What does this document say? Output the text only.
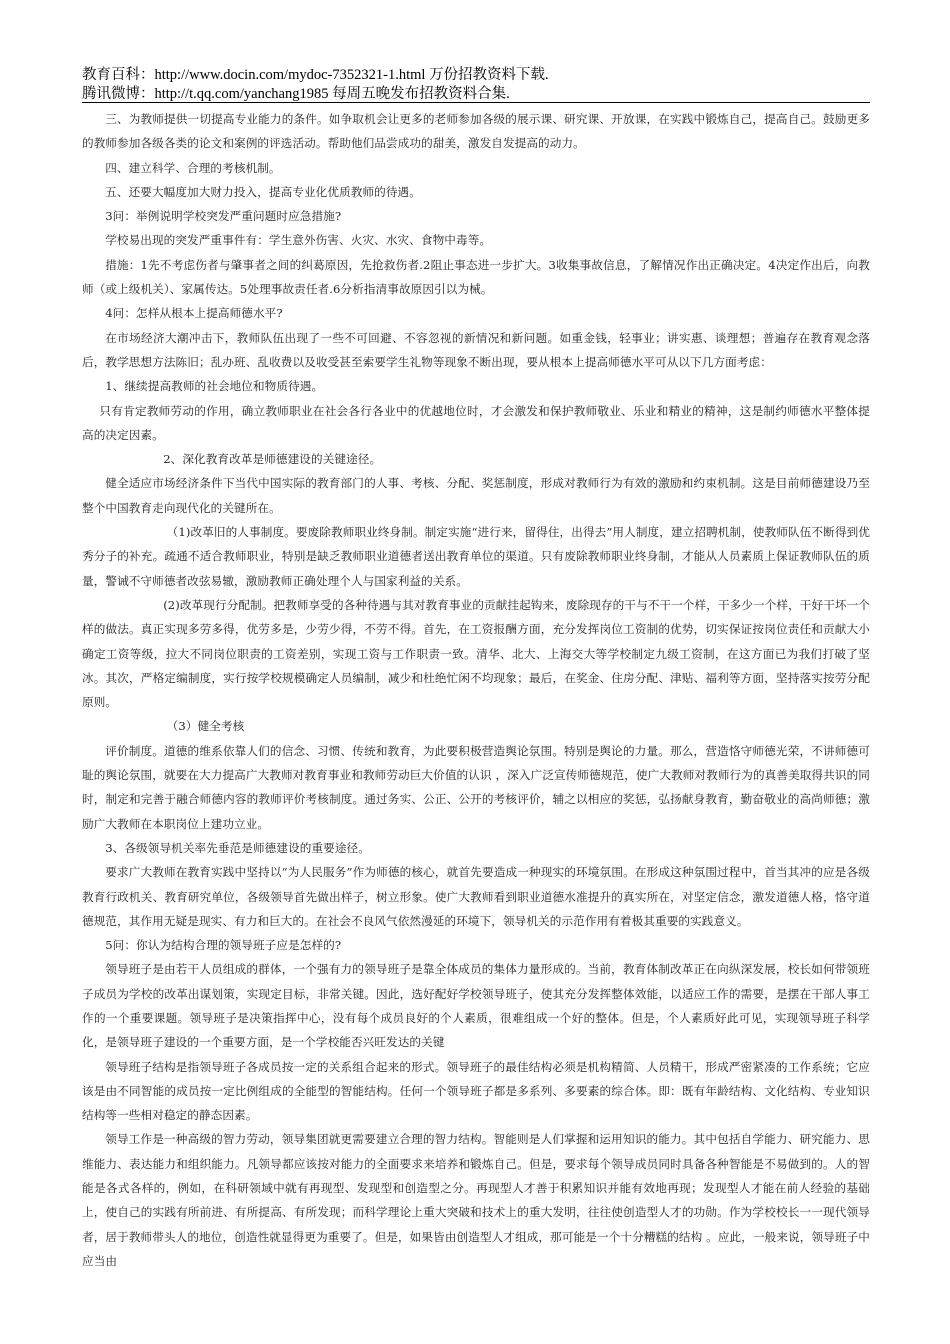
教育百科：http://www.docin.com/mydoc-7352321-1.html 万份招教资料下载.
腾讯微博：http://t.qq.com/yanchang1985 每周五晚发布招教资料合集.

三、为教师提供一切提高专业能力的条件。如争取机会让更多的老师参加各级的展示课、研究课、开放课，在实践中锻炼自己，提高自己。鼓励更多的教师参加各级各类的论文和案例的评选活动。帮助他们品尝成功的甜美，激发自发提高的动力。

四、建立科学、合理的考核机制。

五、还要大幅度加大财力投入，提高专业化优质教师的待遇。

3问：举例说明学校突发严重问题时应急措施?

学校易出现的突发严重事件有：学生意外伤害、火灾、水灾、食物中毒等。

措施：1先不考虑伤者与肇事者之间的纠葛原因，先抢救伤者.2阻止事态进一步扩大。3收集事故信息，了解情况作出正确决定。4决定作出后，向教师（或上级机关）、家属传达。5处理事故责任者.6分析指清事故原因引以为械。

4问：怎样从根本上提高师德水平?

在市场经济大潮冲击下，教师队伍出现了一些不可回避、不容忽视的新情况和新问题。如重金钱，轻事业；讲实惠、谈理想；普遍存在教育观念落后，教学思想方法陈旧；乱办班、乱收费以及收受甚至索要学生礼物等现象不断出现，要从根本上提高师德水平可从以下几方面考虑：

1、继续提高教师的社会地位和物质待遇。

只有肯定教师劳动的作用，确立教师职业在社会各行各业中的优越地位时，才会激发和保护教师敬业、乐业和精业的精神，这是制约师德水平整体提高的决定因素。

2、深化教育改革是师德建设的关键途径。

健全适应市场经济条件下当代中国实际的教育部门的人事、考核、分配、奖惩制度，形成对教师行为有效的激励和约束机制。这是目前师德建设乃至整个中国教育走向现代化的关键所在。

（1)改革旧的人事制度。要废除教师职业终身制。制定实施“进行来，留得住，出得去”用人制度，建立招聘机制，使教师队伍不断得到优秀分子的补充。疏通不适合教师职业，特别是缺乏教师职业道德者送出教育单位的渠道。只有废除教师职业终身制，才能从人员素质上保证教师队伍的质量，警诫不守师德者改弦易辙，激励教师正确处理个人与国家利益的关系。

(2)改革现行分配制。把教师享受的各种待遇与其对教育事业的贡献挂起钩来，废除现存的干与不干一个样，干多少一个样，干好干坏一个样的做法。真正实现多劳多得，优劳多是，少劳少得，不劳不得。首先，在工资报酬方面，充分发挥岗位工资制的优势，切实保证按岗位责任和贡献大小确定工资等级，拉大不同岗位职责的工资差别，实现工资与工作职责一致。清华、北大、上海交大等学校制定九级工资制，在这方面已为我们打破了坚冰。其次，严格定编制度，实行按学校规模确定人员编制，减少和杜绝忙闲不均现象；最后，在奖金、住房分配、津贴、福利等方面，坚持落实按劳分配原则。

（3）健全考核

评价制度。道德的维系依靠人们的信念、习惯、传统和教育，为此要积极营造舆论氛围。特别是舆论的力量。那么，营造恪守师德光荣，不讲师德可耻的舆论氛围，就要在大力提高广大教师对教育事业和教师劳动巨大价值的认识 ，深入广泛宣传师德规范，使广大教师对教师行为的真善美取得共识的同时，制定和完善于融合师德内容的教师评价考核制度。通过务实、公正、公开的考核评价，辅之以相应的奖惩，弘扬献身教育，勤奋敬业的高尚师德；激励广大教师在本职岗位上建功立业。

3、各级领导机关率先垂范是师德建设的重要途径。

要求广大教师在教育实践中坚持以“为人民服务”作为师德的核心，就首先要造成一种现实的环境氛围。在形成这种氛围过程中，首当其冲的应是各级教育行政机关、教育研究单位，各级领导首先做出样子，树立形象。使广大教师看到职业道德水准提升的真实所在，对坚定信念，激发道德人格，恪守道德规范，其作用无疑是现实、有力和巨大的。在社会不良风气依然漫延的环境下，领导机关的示范作用有着极其重要的实践意义。

5问：你认为结构合理的领导班子应是怎样的?

领导班子是由若干人员组成的群体，一个强有力的领导班子是靠全体成员的集体力量形成的。当前，教育体制改革正在向纵深发展，校长如何带领班子成员为学校的改革出谋划策，实现定目标，非常关键。因此，选好配好学校领导班子，使其充分发挥整体效能，以适应工作的需要，是摆在干部人事工作的一个重要课题。领导班子是决策指挥中心，没有每个成员良好的个人素质，很难组成一个好的整体。但是，个人素质好此可见，实现领导班子科学化，是领导班子建设的一个重要方面，是一个学校能否兴旺发达的关键

领导班子结构是指领导班子各成员按一定的关系组合起来的形式。领导班子的最佳结构必须是机构精简、人员精干，形成严密紧凑的工作系统；它应该是由不同智能的成员按一定比例组成的全能型的智能结构。任何一个领导班子都是多系列、多要素的综合体。即：既有年龄结构、文化结构、专业知识结构等一些相对稳定的静态因素。

领导工作是一种高级的智力劳动，领导集团就更需要建立合理的智力结构。智能则是人们掌握和运用知识的能力。其中包括自学能力、研究能力、思维能力、表达能力和组织能力。凡领导都应该按对能力的全面要求来培养和锻炼自己。但是，要求每个领导成员同时具备各种智能是不易做到的。人的智能是各式各样的，例如，在科研领域中就有再现型、发现型和创造型之分。再现型人才善于积累知识并能有效地再现；发现型人才能在前人经验的基础上，使自己的实践有所前进、有所提高、有所发现；而科学理论上重大突破和技术上的重大发明，往往使创造型人才的功勋。作为学校校长一一现代领导者，居于教师带头人的地位，创造性就显得更为重要了。但是，如果皆由创造型人才组成，那可能是一个十分糟糕的结构 。应此，一般来说，领导班子中应当由
